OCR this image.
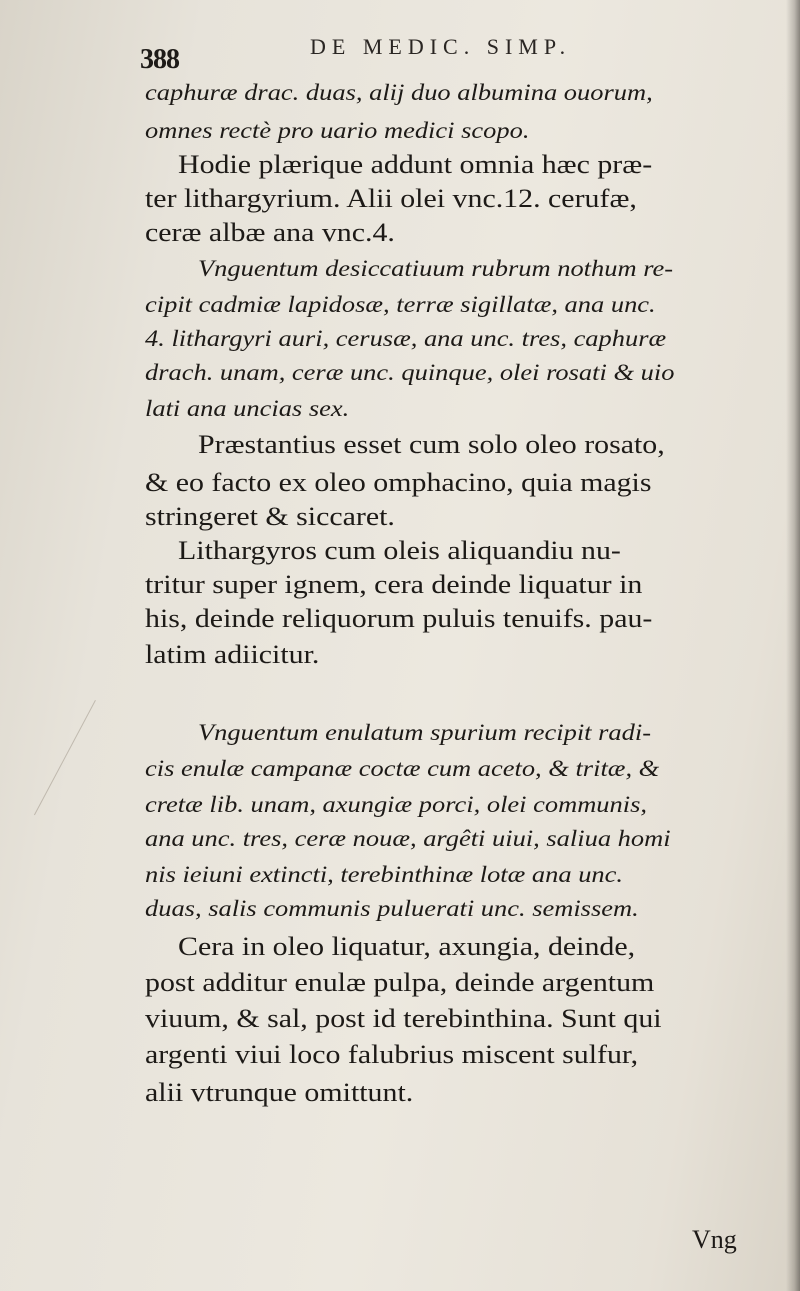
388	DE MEDIC. SIMP.
caphuræ drac. duas, alij duo albumina ouorum,
omnes rectè pro uario medici scopo.
Hodie plærique addunt omnia hæc præ-
ter lithargyrium. Alii olei vnc.12. cerufæ,
ceræ albæ ana vnc.4.
Vnguentum desiccatiuum rubrum nothum re-
cipit cadmiæ lapidosæ, terræ sigillatæ, ana unc.
4. lithargyri auri, cerusæ, ana unc. tres, caphuræ
drach. unam, ceræ unc. quinque, olei rosati & uio
lati ana uncias sex.
Præstantius esset cum solo oleo rosato,
& eo facto ex oleo omphacino, quia magis
stringeret & siccaret.
Lithargyros cum oleis aliquandiu nu-
tritur super ignem, cera deinde liquatur in
his, deinde reliquorum puluis tenuifs. pau-
latim adiicitur.
Vnguentum enulatum spurium recipit radi-
cis enulæ campanæ coctæ cum aceto, & tritæ, &
cretæ lib. unam, axungiæ porci, olei communis,
ana unc. tres, ceræ nouæ, argêti uiui, saliua homi
nis ieiuni extincti, terebinthinæ lotæ ana unc.
duas, salis communis puluerati unc. semissem.
Cera in oleo liquatur, axungia, deinde,
post additur enulæ pulpa, deinde argentum
viuum, & sal, post id terebinthina. Sunt qui
argenti viui loco falubrius miscent sulfur,
alii vtrunque omittunt.
Vng
